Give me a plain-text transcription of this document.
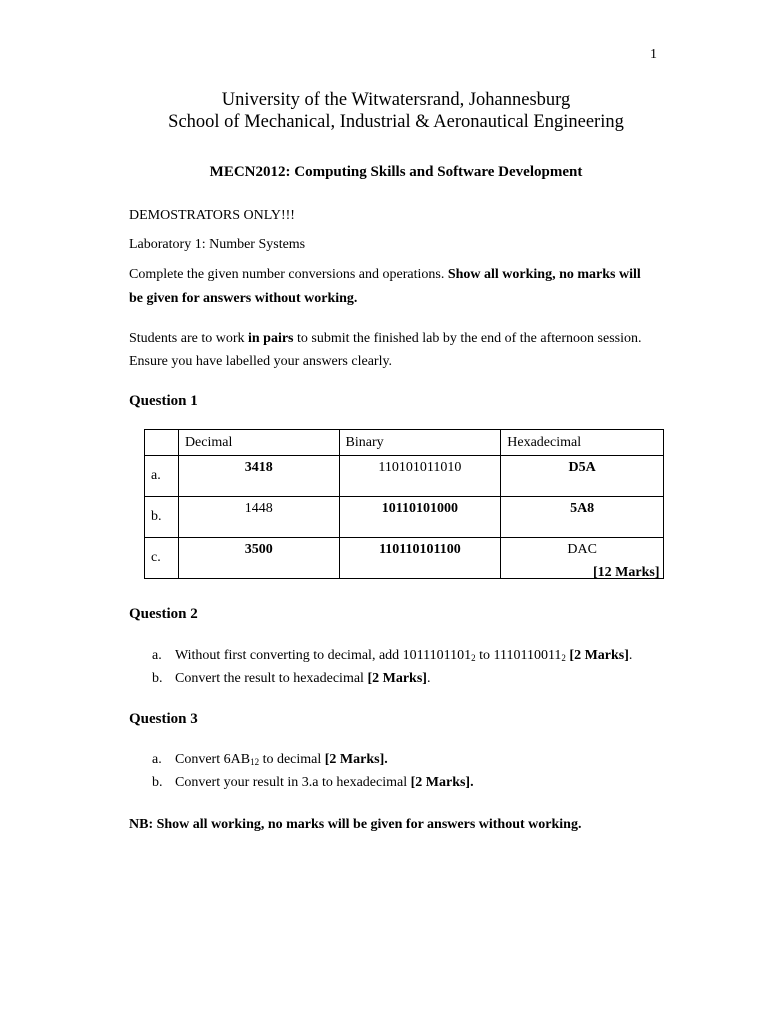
1
University of the Witwatersrand, Johannesburg
School of Mechanical, Industrial & Aeronautical Engineering
MECN2012: Computing Skills and Software Development
DEMOSTRATORS ONLY!!!
Laboratory 1: Number Systems
Complete the given number conversions and operations. Show all working, no marks will
be given for answers without working.
Students are to work in pairs to submit the finished lab by the end of the afternoon session.
Ensure you have labelled your answers clearly.
Question 1
	Decimal	Binary	Hexadecimal
a.	3418	110101011010	D5A
b.	1448	10110101000	5A8
c.	3500	110110101100	DAC
[12 Marks]
Question 2
a. Without first converting to decimal, add $1011101101_2$ to $1110110011_2$ [2 Marks].
b. Convert the result to hexadecimal [2 Marks].
Question 3
a. Convert $6AB_{12}$ to decimal [2 Marks].
b. Convert your result in 3.a to hexadecimal [2 Marks].
NB: Show all working, no marks will be given for answers without working.
